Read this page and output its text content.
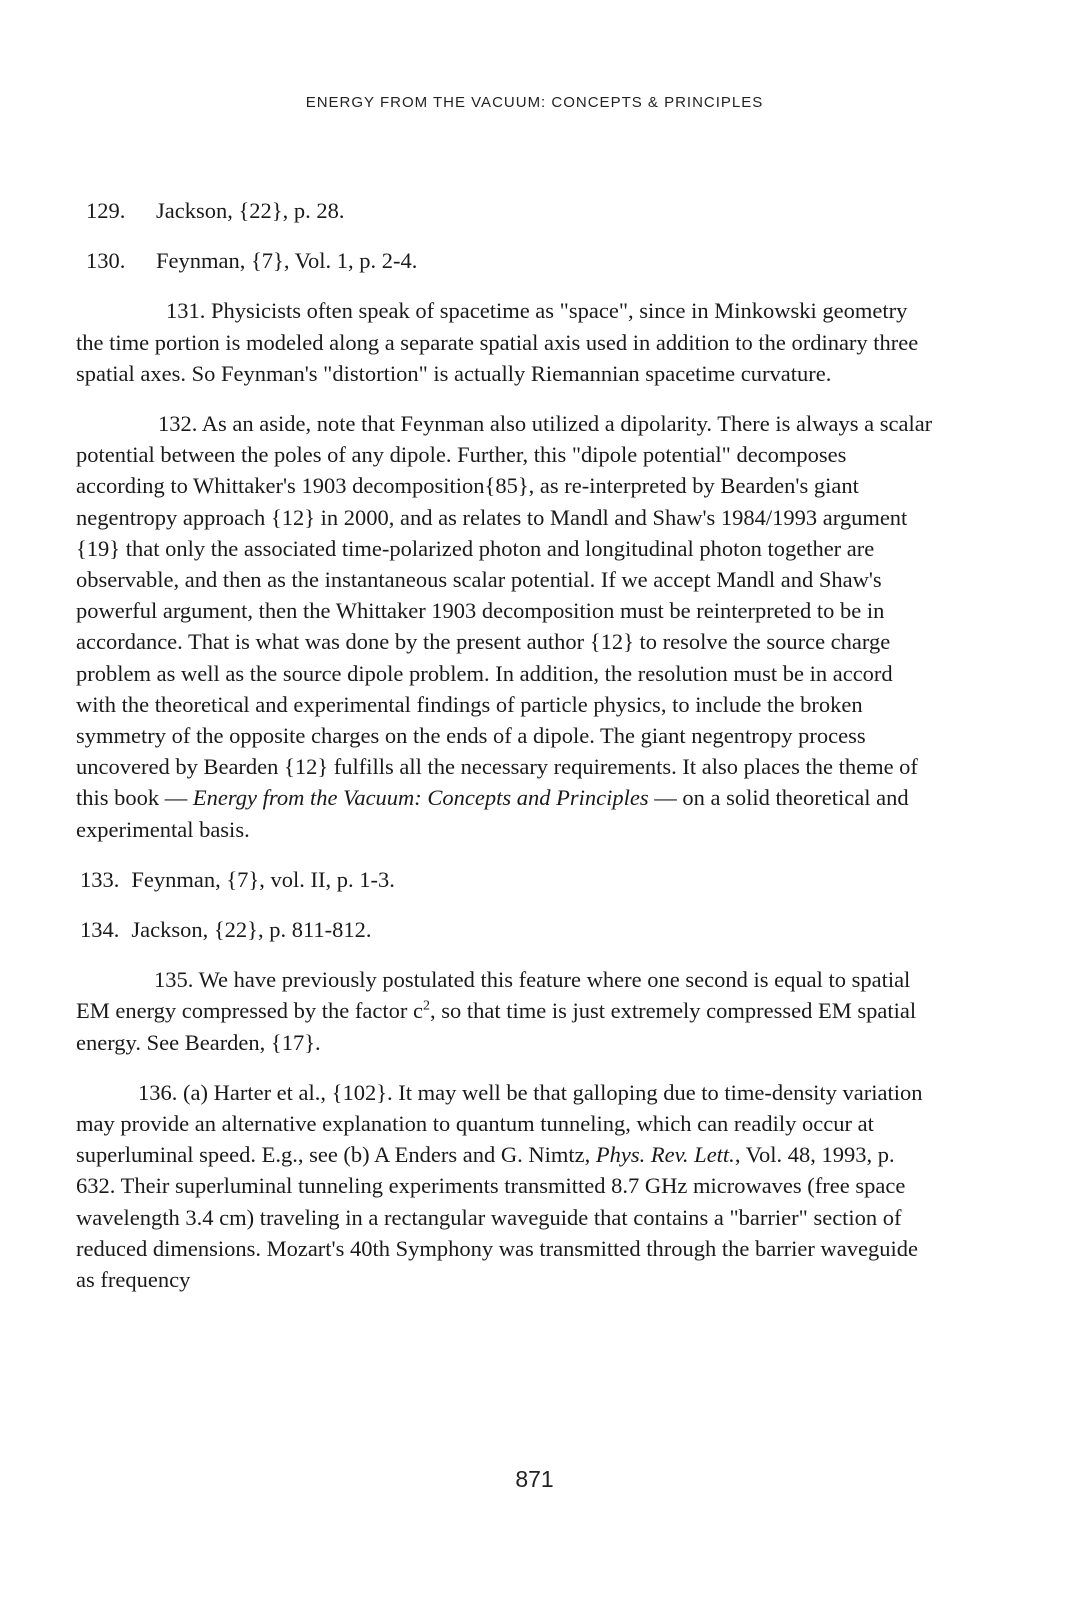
ENERGY FROM THE VACUUM: CONCEPTS & PRINCIPLES
129. Jackson, {22}, p. 28.
130. Feynman, {7}, Vol. 1, p. 2-4.
131. Physicists often speak of spacetime as "space", since in Minkowski geometry the time portion is modeled along a separate spatial axis used in addition to the ordinary three spatial axes. So Feynman's "distortion" is actually Riemannian spacetime curvature.
132. As an aside, note that Feynman also utilized a dipolarity. There is always a scalar potential between the poles of any dipole. Further, this "dipole potential" decomposes according to Whittaker's 1903 decomposition{85}, as re-interpreted by Bearden's giant negentropy approach {12} in 2000, and as relates to Mandl and Shaw's 1984/1993 argument {19} that only the associated time-polarized photon and longitudinal photon together are observable, and then as the instantaneous scalar potential. If we accept Mandl and Shaw's powerful argument, then the Whittaker 1903 decomposition must be reinterpreted to be in accordance. That is what was done by the present author {12} to resolve the source charge problem as well as the source dipole problem. In addition, the resolution must be in accord with the theoretical and experimental findings of particle physics, to include the broken symmetry of the opposite charges on the ends of a dipole. The giant negentropy process uncovered by Bearden {12} fulfills all the necessary requirements. It also places the theme of this book — Energy from the Vacuum: Concepts and Principles — on a solid theoretical and experimental basis.
133. Feynman, {7}, vol. II, p. 1-3.
134. Jackson, {22}, p. 811-812.
135. We have previously postulated this feature where one second is equal to spatial EM energy compressed by the factor $c^2$, so that time is just extremely compressed EM spatial energy. See Bearden, {17}.
136. (a) Harter et al., {102}. It may well be that galloping due to time-density variation may provide an alternative explanation to quantum tunneling, which can readily occur at superluminal speed. E.g., see (b) A Enders and G. Nimtz, Phys. Rev. Lett., Vol. 48, 1993, p. 632. Their superluminal tunneling experiments transmitted 8.7 GHz microwaves (free space wavelength 3.4 cm) traveling in a rectangular waveguide that contains a "barrier" section of reduced dimensions. Mozart's 40th Symphony was transmitted through the barrier waveguide as frequency
871
